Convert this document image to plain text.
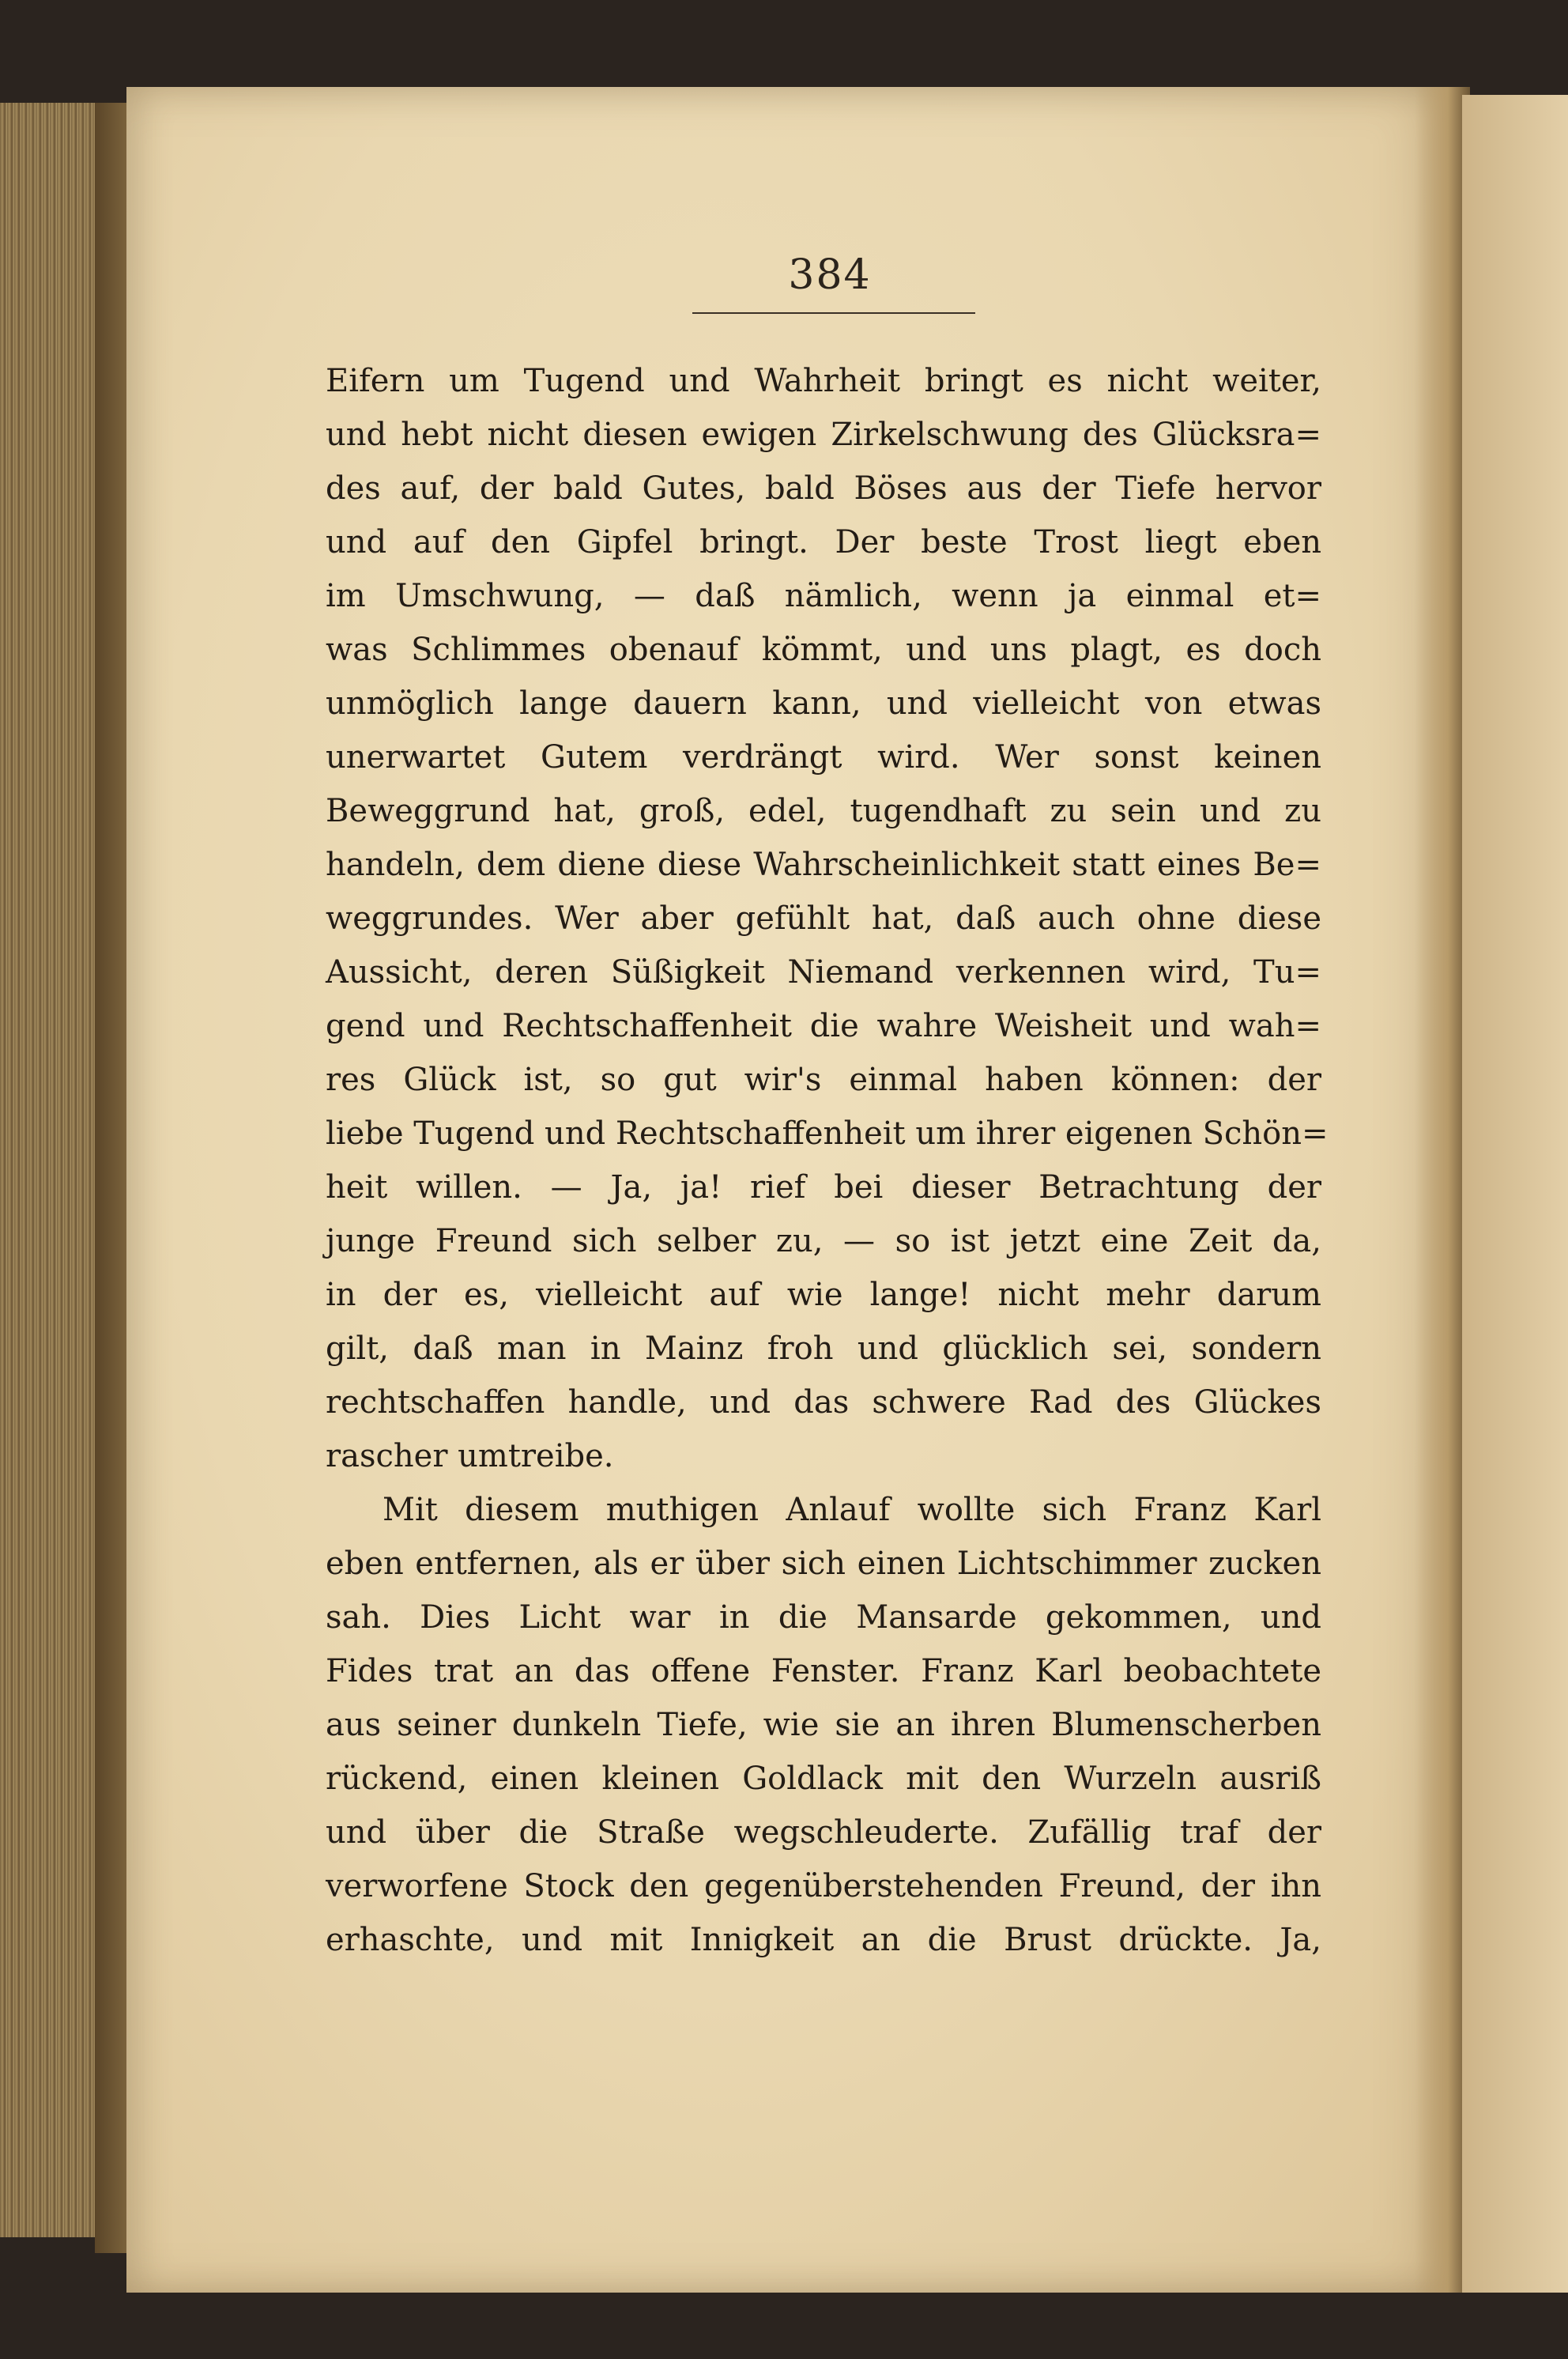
384
Eifern um Tugend und Wahrheit bringt es nicht weiter,
und hebt nicht diesen ewigen Zirkelschwung des Glücksra=
des auf, der bald Gutes, bald Böses aus der Tiefe hervor
und auf den Gipfel bringt. Der beste Trost liegt eben
im Umschwung, — daß nämlich, wenn ja einmal et=
was Schlimmes obenauf kömmt, und uns plagt, es doch
unmöglich lange dauern kann, und vielleicht von etwas
unerwartet Gutem verdrängt wird. Wer sonst keinen
Beweggrund hat, groß, edel, tugendhaft zu sein und zu
handeln, dem diene diese Wahrscheinlichkeit statt eines Be=
weggrundes. Wer aber gefühlt hat, daß auch ohne diese
Aussicht, deren Süßigkeit Niemand verkennen wird, Tu=
gend und Rechtschaffenheit die wahre Weisheit und wah=
res Glück ist, so gut wir's einmal haben können: der
liebe Tugend und Rechtschaffenheit um ihrer eigenen Schön=
heit willen. — Ja, ja! rief bei dieser Betrachtung der
junge Freund sich selber zu, — so ist jetzt eine Zeit da,
in der es, vielleicht auf wie lange! nicht mehr darum
gilt, daß man in Mainz froh und glücklich sei, sondern
rechtschaffen handle, und das schwere Rad des Glückes
rascher umtreibe.
Mit diesem muthigen Anlauf wollte sich Franz Karl
eben entfernen, als er über sich einen Lichtschimmer zucken
sah. Dies Licht war in die Mansarde gekommen, und
Fides trat an das offene Fenster. Franz Karl beobachtete
aus seiner dunkeln Tiefe, wie sie an ihren Blumenscherben
rückend, einen kleinen Goldlack mit den Wurzeln ausriß
und über die Straße wegschleuderte. Zufällig traf der
verworfene Stock den gegenüberstehenden Freund, der ihn
erhaschte, und mit Innigkeit an die Brust drückte. Ja,
